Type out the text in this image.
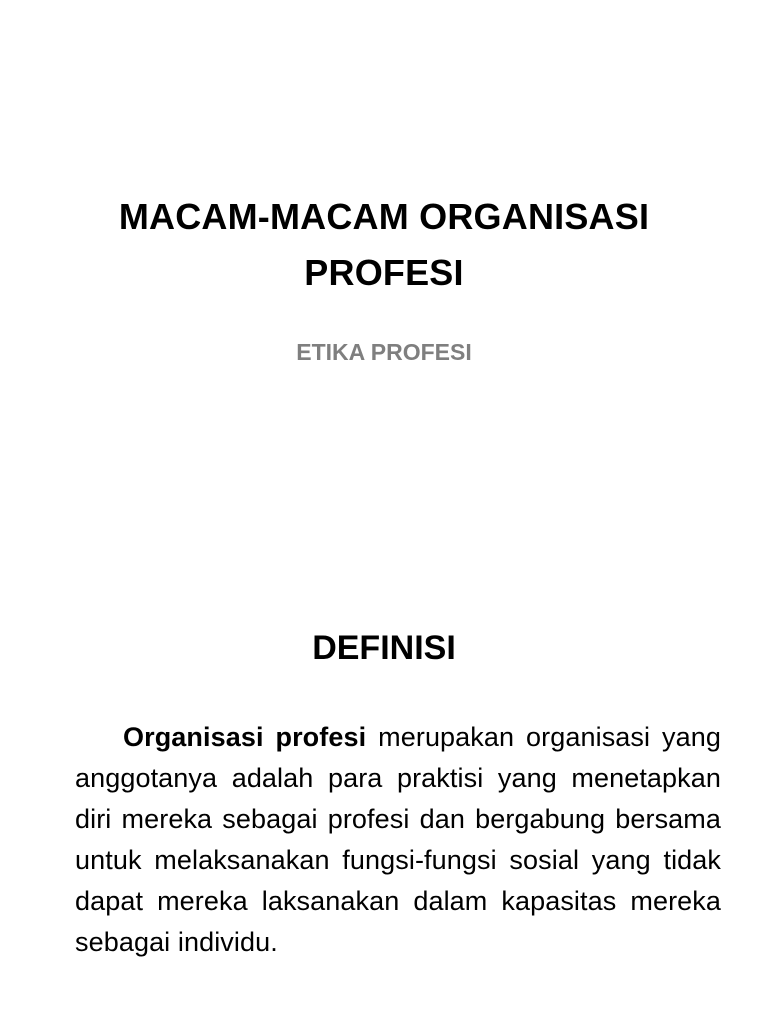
MACAM-MACAM ORGANISASI
PROFESI

ETIKA PROFESI

DEFINISI

Organisasi profesi merupakan organisasi yang anggotanya adalah para praktisi yang menetapkan diri mereka sebagai profesi dan bergabung bersama untuk melaksanakan fungsi-fungsi sosial yang tidak dapat mereka laksanakan dalam kapasitas mereka sebagai individu.
